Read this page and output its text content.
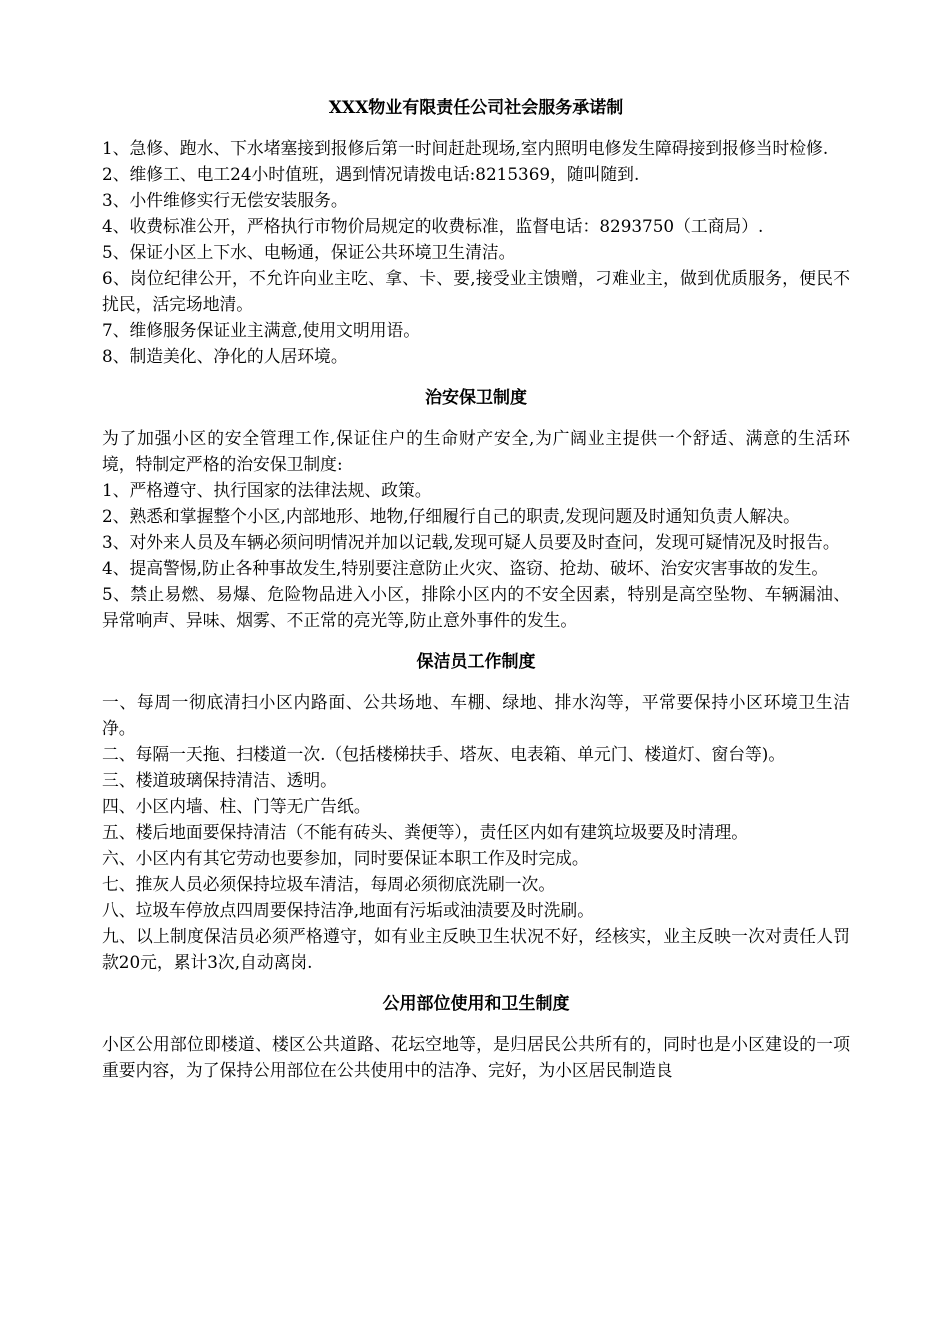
XXX物业有限责任公司社会服务承诺制

1、急修、跑水、下水堵塞接到报修后第一时间赶赴现场,室内照明电修发生障碍接到报修当时检修.

2、维修工、电工24小时值班，遇到情况请拨电话:8215369，随叫随到.

3、小件维修实行无偿安装服务。

4、收费标准公开，严格执行市物价局规定的收费标准，监督电话：8293750（工商局）.

5、保证小区上下水、电畅通，保证公共环境卫生清洁。

6、岗位纪律公开，不允许向业主吃、拿、卡、要,接受业主馈赠，刁难业主，做到优质服务，便民不扰民，活完场地清。

7、维修服务保证业主满意,使用文明用语。

8、制造美化、净化的人居环境。

治安保卫制度

为了加强小区的安全管理工作,保证住户的生命财产安全,为广阔业主提供一个舒适、满意的生活环境，特制定严格的治安保卫制度:

1、严格遵守、执行国家的法律法规、政策。

2、熟悉和掌握整个小区,内部地形、地物,仔细履行自己的职责,发现问题及时通知负责人解决。

3、对外来人员及车辆必须问明情况并加以记载,发现可疑人员要及时查问，发现可疑情况及时报告。

4、提高警惕,防止各种事故发生,特别要注意防止火灾、盗窃、抢劫、破坏、治安灾害事故的发生。

5、禁止易燃、易爆、危险物品进入小区，排除小区内的不安全因素，特别是高空坠物、车辆漏油、异常响声、异味、烟雾、不正常的亮光等,防止意外事件的发生。

保洁员工作制度

一、每周一彻底清扫小区内路面、公共场地、车棚、绿地、排水沟等，平常要保持小区环境卫生洁净。

二、每隔一天拖、扫楼道一次.（包括楼梯扶手、塔灰、电表箱、单元门、楼道灯、窗台等)。

三、楼道玻璃保持清洁、透明。

四、小区内墙、柱、门等无广告纸。

五、楼后地面要保持清洁（不能有砖头、粪便等），责任区内如有建筑垃圾要及时清理。

六、小区内有其它劳动也要参加，同时要保证本职工作及时完成。

七、推灰人员必须保持垃圾车清洁，每周必须彻底洗刷一次。

八、垃圾车停放点四周要保持洁净,地面有污垢或油渍要及时洗刷。

九、以上制度保洁员必须严格遵守，如有业主反映卫生状况不好，经核实，业主反映一次对责任人罚款20元，累计3次,自动离岗.

公用部位使用和卫生制度

小区公用部位即楼道、楼区公共道路、花坛空地等，是归居民公共所有的，同时也是小区建设的一项重要内容，为了保持公用部位在公共使用中的洁净、完好，为小区居民制造良
